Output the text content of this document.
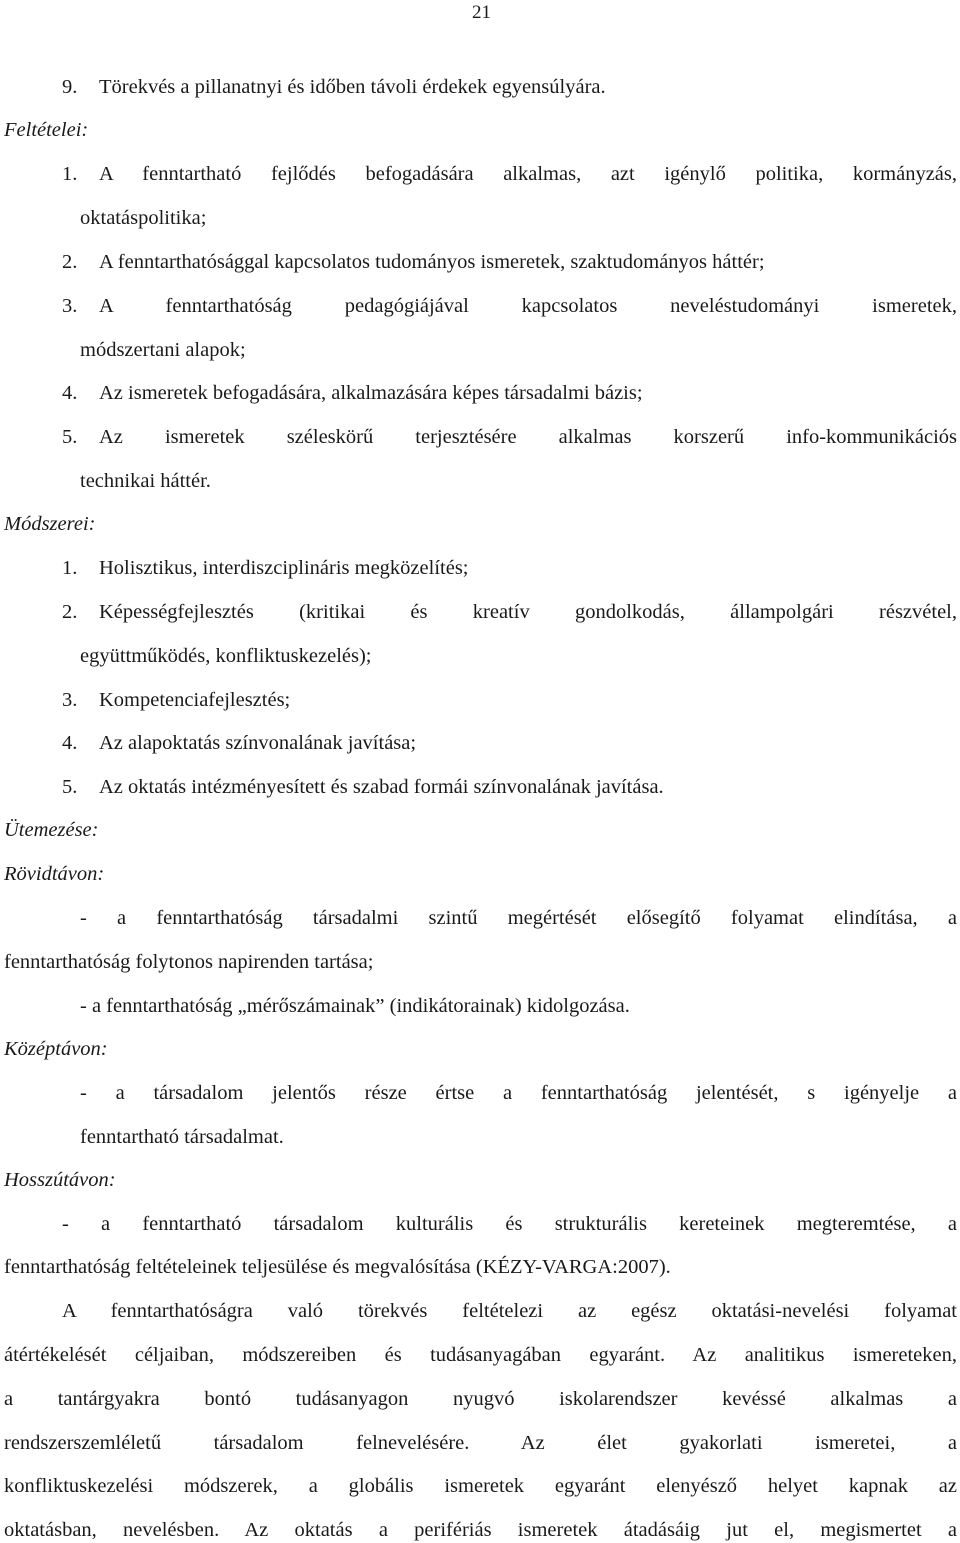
21
9. Törekvés a pillanatnyi és időben távoli érdekek egyensúlyára.
Feltételei:
1. A fenntartható fejlődés befogadására alkalmas, azt igénylő politika, kormányzás,
oktatáspolitika;
2. A fenntarthatósággal kapcsolatos tudományos ismeretek, szaktudományos háttér;
3. A fenntarthatóság pedagógiájával kapcsolatos neveléstudományi ismeretek,
módszertani alapok;
4. Az ismeretek befogadására, alkalmazására képes társadalmi bázis;
5. Az ismeretek széleskörű terjesztésére alkalmas korszerű info-kommunikációs
technikai háttér.
Módszerei:
1. Holisztikus, interdiszciplináris megközelítés;
2. Képességfejlesztés (kritikai és kreatív gondolkodás, állampolgári részvétel,
együttműködés, konfliktuskezelés);
3. Kompetenciafejlesztés;
4. Az alapoktatás színvonalának javítása;
5. Az oktatás intézményesített és szabad formái színvonalának javítása.
Ütemezése:
Rövidtávon:
- a fenntarthatóság társadalmi szintű megértését elősegítő folyamat elindítása, a
fenntarthatóság folytonos napirenden tartása;
- a fenntarthatóság „mérőszámainak” (indikátorainak) kidolgozása.
Középtávon:
- a társadalom jelentős része értse a fenntarthatóság jelentését, s igényelje a
fenntartható társadalmat.
Hosszútávon:
- a fenntartható társadalom kulturális és strukturális kereteinek megteremtése, a
fenntarthatóság feltételeinek teljesülése és megvalósítása (KÉZY-VARGA:2007).
A fenntarthatóságra való törekvés feltételezi az egész oktatási-nevelési folyamat
átértékelését céljaiban, módszereiben és tudásanyagában egyaránt. Az analitikus ismereteken,
a tantárgyakra bontó tudásanyagon nyugvó iskolarendszer kevéssé alkalmas a
rendszerszemléletű társadalom felnevelésére. Az élet gyakorlati ismeretei, a
konfliktuskezelési módszerek, a globális ismeretek egyaránt elenyésző helyet kapnak az
oktatásban, nevelésben. Az oktatás a perifériás ismeretek átadásáig jut el, megismertet a
